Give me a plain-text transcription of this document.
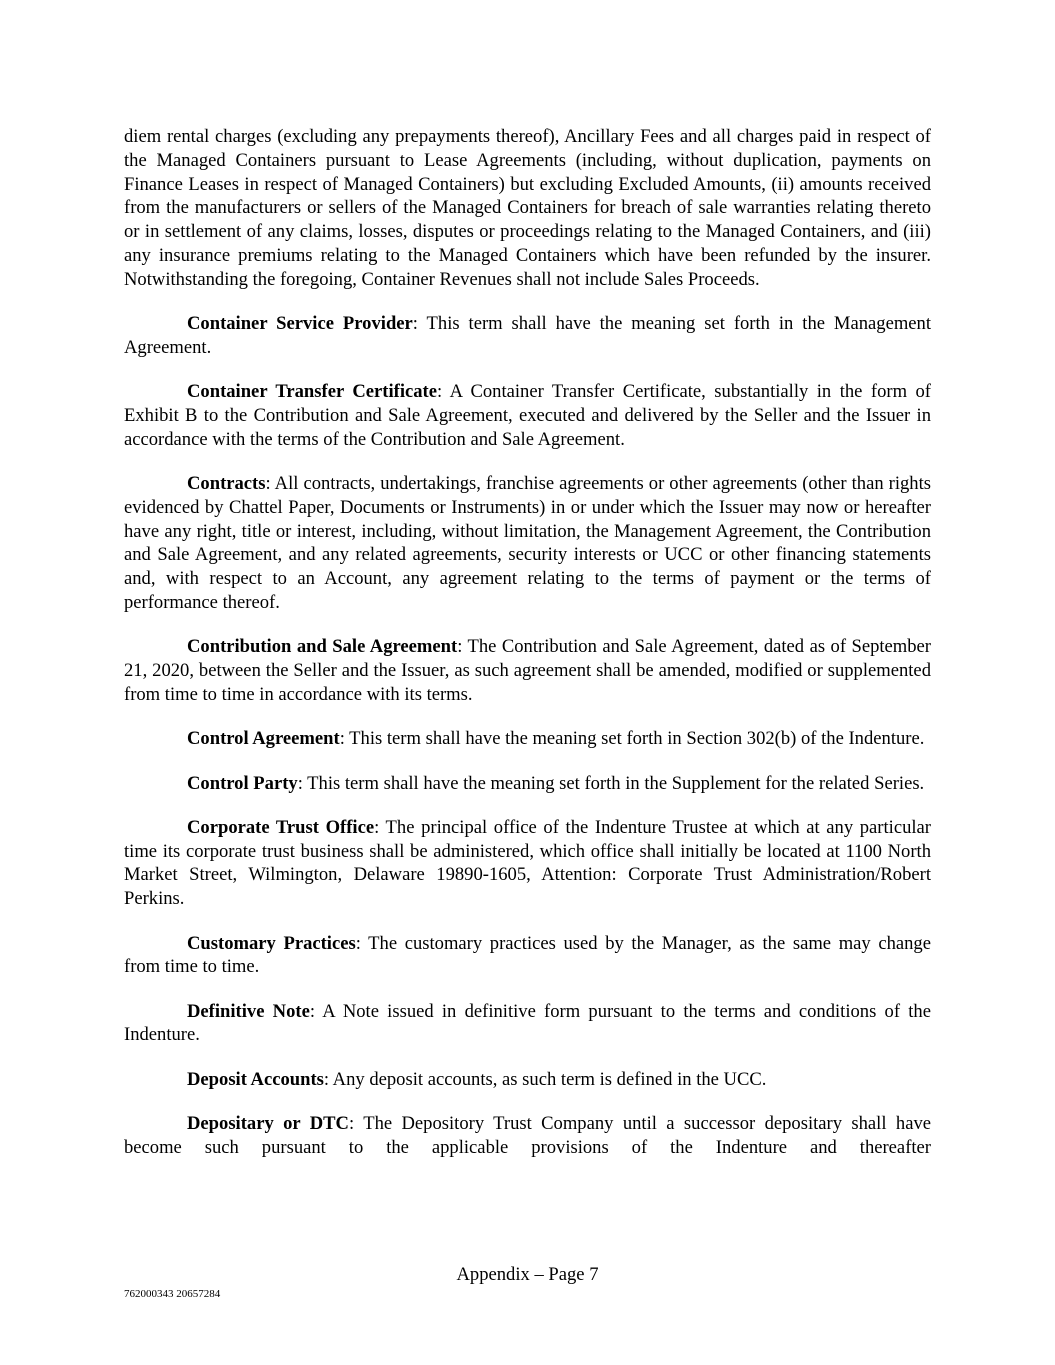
diem rental charges (excluding any prepayments thereof), Ancillary Fees and all charges paid in respect of the Managed Containers pursuant to Lease Agreements (including, without duplication, payments on Finance Leases in respect of Managed Containers) but excluding Excluded Amounts, (ii) amounts received from the manufacturers or sellers of the Managed Containers for breach of sale warranties relating thereto or in settlement of any claims, losses, disputes or proceedings relating to the Managed Containers, and (iii) any insurance premiums relating to the Managed Containers which have been refunded by the insurer. Notwithstanding the foregoing, Container Revenues shall not include Sales Proceeds.

Container Service Provider: This term shall have the meaning set forth in the Management Agreement.

Container Transfer Certificate: A Container Transfer Certificate, substantially in the form of Exhibit B to the Contribution and Sale Agreement, executed and delivered by the Seller and the Issuer in accordance with the terms of the Contribution and Sale Agreement.

Contracts: All contracts, undertakings, franchise agreements or other agreements (other than rights evidenced by Chattel Paper, Documents or Instruments) in or under which the Issuer may now or hereafter have any right, title or interest, including, without limitation, the Management Agreement, the Contribution and Sale Agreement, and any related agreements, security interests or UCC or other financing statements and, with respect to an Account, any agreement relating to the terms of payment or the terms of performance thereof.

Contribution and Sale Agreement: The Contribution and Sale Agreement, dated as of September 21, 2020, between the Seller and the Issuer, as such agreement shall be amended, modified or supplemented from time to time in accordance with its terms.

Control Agreement: This term shall have the meaning set forth in Section 302(b) of the Indenture.

Control Party: This term shall have the meaning set forth in the Supplement for the related Series.

Corporate Trust Office: The principal office of the Indenture Trustee at which at any particular time its corporate trust business shall be administered, which office shall initially be located at 1100 North Market Street, Wilmington, Delaware 19890-1605, Attention: Corporate Trust Administration/Robert Perkins.

Customary Practices: The customary practices used by the Manager, as the same may change from time to time.

Definitive Note: A Note issued in definitive form pursuant to the terms and conditions of the Indenture.

Deposit Accounts: Any deposit accounts, as such term is defined in the UCC.

Depositary or DTC: The Depository Trust Company until a successor depositary shall have become such pursuant to the applicable provisions of the Indenture and thereafter

Appendix – Page 7
762000343 20657284
